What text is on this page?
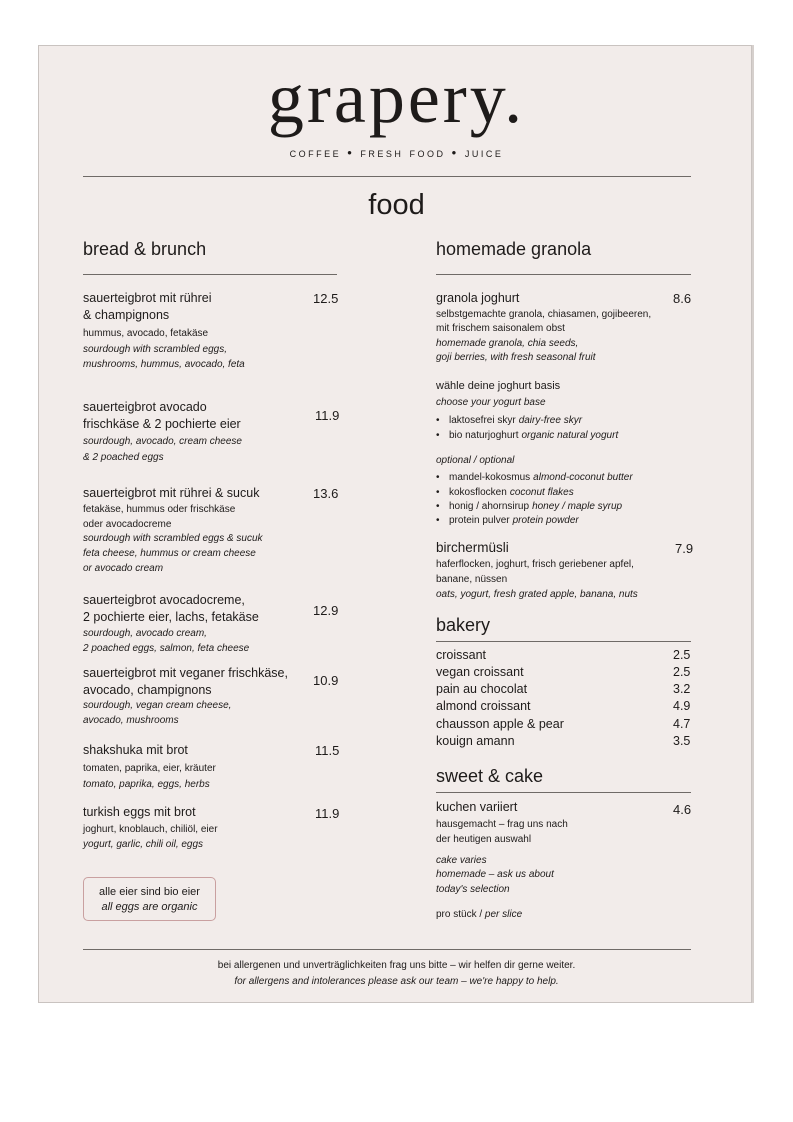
grapery.
coffee • fresh food • juice
food
bread & brunch
sauerteigbrot mit rührei
& champignons
12.5
hummus, avocado, fetakäse
sourdough with scrambled eggs,
mushrooms, hummus, avocado, feta
sauerteigbrot avocado
frischkäse & 2 pochierte eier
11.9
sourdough, avocado, cream cheese
& 2 poached eggs
sauerteigbrot mit rührei & sucuk	13.6
fetakäse, hummus oder frischkäse
oder avocadocreme
sourdough with scrambled eggs & sucuk
feta cheese, hummus or cream cheese
or avocado cream
sauerteigbrot avocadocreme,
2 pochierte eier, lachs, fetakäse	12.9
sourdough, avocado cream,
2 poached eggs, salmon, feta cheese
sauerteigbrot mit veganer frischkäse,
avocado, champignons
10.9
sourdough, vegan cream cheese,
avocado, mushrooms
shakshuka mit brot	11.5
tomaten, paprika, eier, kräuter
tomato, paprika, eggs, herbs
turkish eggs mit brot	11.9
joghurt, knoblauch, chiliöl, eier
yogurt, garlic, chili oil, eggs
alle eier sind bio eier
all eggs are organic
homemade granola
granola joghurt	8.6
selbstgemachte granola, chiasamen, gojibeeren,
mit frischem saisonalem obst
homemade granola, chia seeds,
goji berries, with fresh seasonal fruit
wähle deine joghurt basis
choose your yogurt base
• laktosefrei skyr dairy-free skyr
• bio naturjoghurt organic natural yogurt
optional / optional
• mandel-kokosmus almond-coconut butter
• kokosflocken coconut flakes
• honig / ahornsirup honey / maple syrup
• protein pulver protein powder
birchermüsli	7.9
haferflocken, joghurt, frisch geriebener apfel,
banane, nüssen
oats, yogurt, fresh grated apple, banana, nuts
bakery
croissant	2.5
vegan croissant	2.5
pain au chocolat	3.2
almond croissant	4.9
chausson apple & pear	4.7
kouign amann	3.5
sweet & cake
kuchen variiert	4.6
hausgemacht – frag uns nach
der heutigen auswahl
cake varies
homemade – ask us about
today's selection
pro stück / per slice
bei allergenen und unverträglichkeiten frag uns bitte – wir helfen dir gerne weiter.
for allergens and intolerances please ask our team – we're happy to help.
